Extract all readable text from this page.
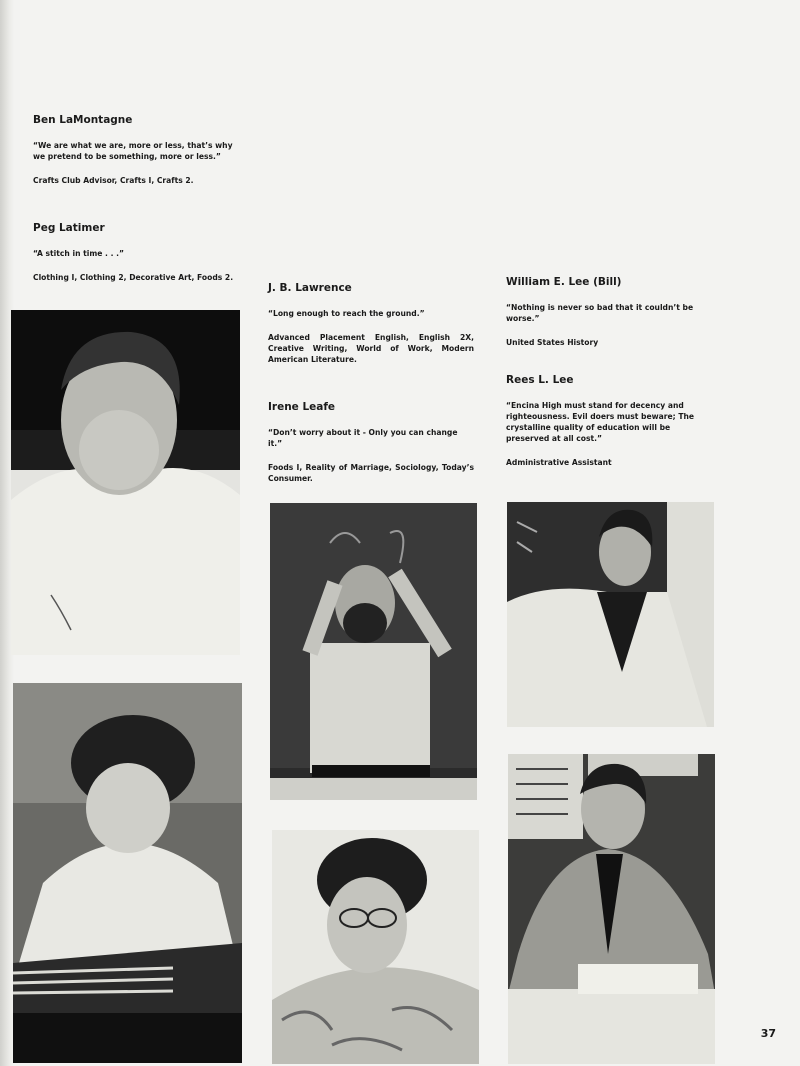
Ben LaMontagne

“We are what we are, more or less, that’s why we pretend to be something, more or less.”

Crafts Club Advisor, Crafts I, Crafts 2.

Peg Latimer

“A stitch in time . . .”

Clothing I, Clothing 2, Decorative Art, Foods 2.

J. B. Lawrence

“Long enough to reach the ground.”

Advanced Placement English, English 2X, Creative Writing, World of Work, Modern American Literature.

Irene Leafe

“Don’t worry about it - Only you can change it.”

Foods I, Reality of Marriage, Sociology, Today’s Consumer.

William E. Lee (Bill)

“Nothing is never so bad that it couldn’t be worse.”

United States History

Rees L. Lee

“Encina High must stand for decency and righteousness. Evil doers must beware; The crystalline quality of education will be preserved at all cost.”

Administrative Assistant

37
